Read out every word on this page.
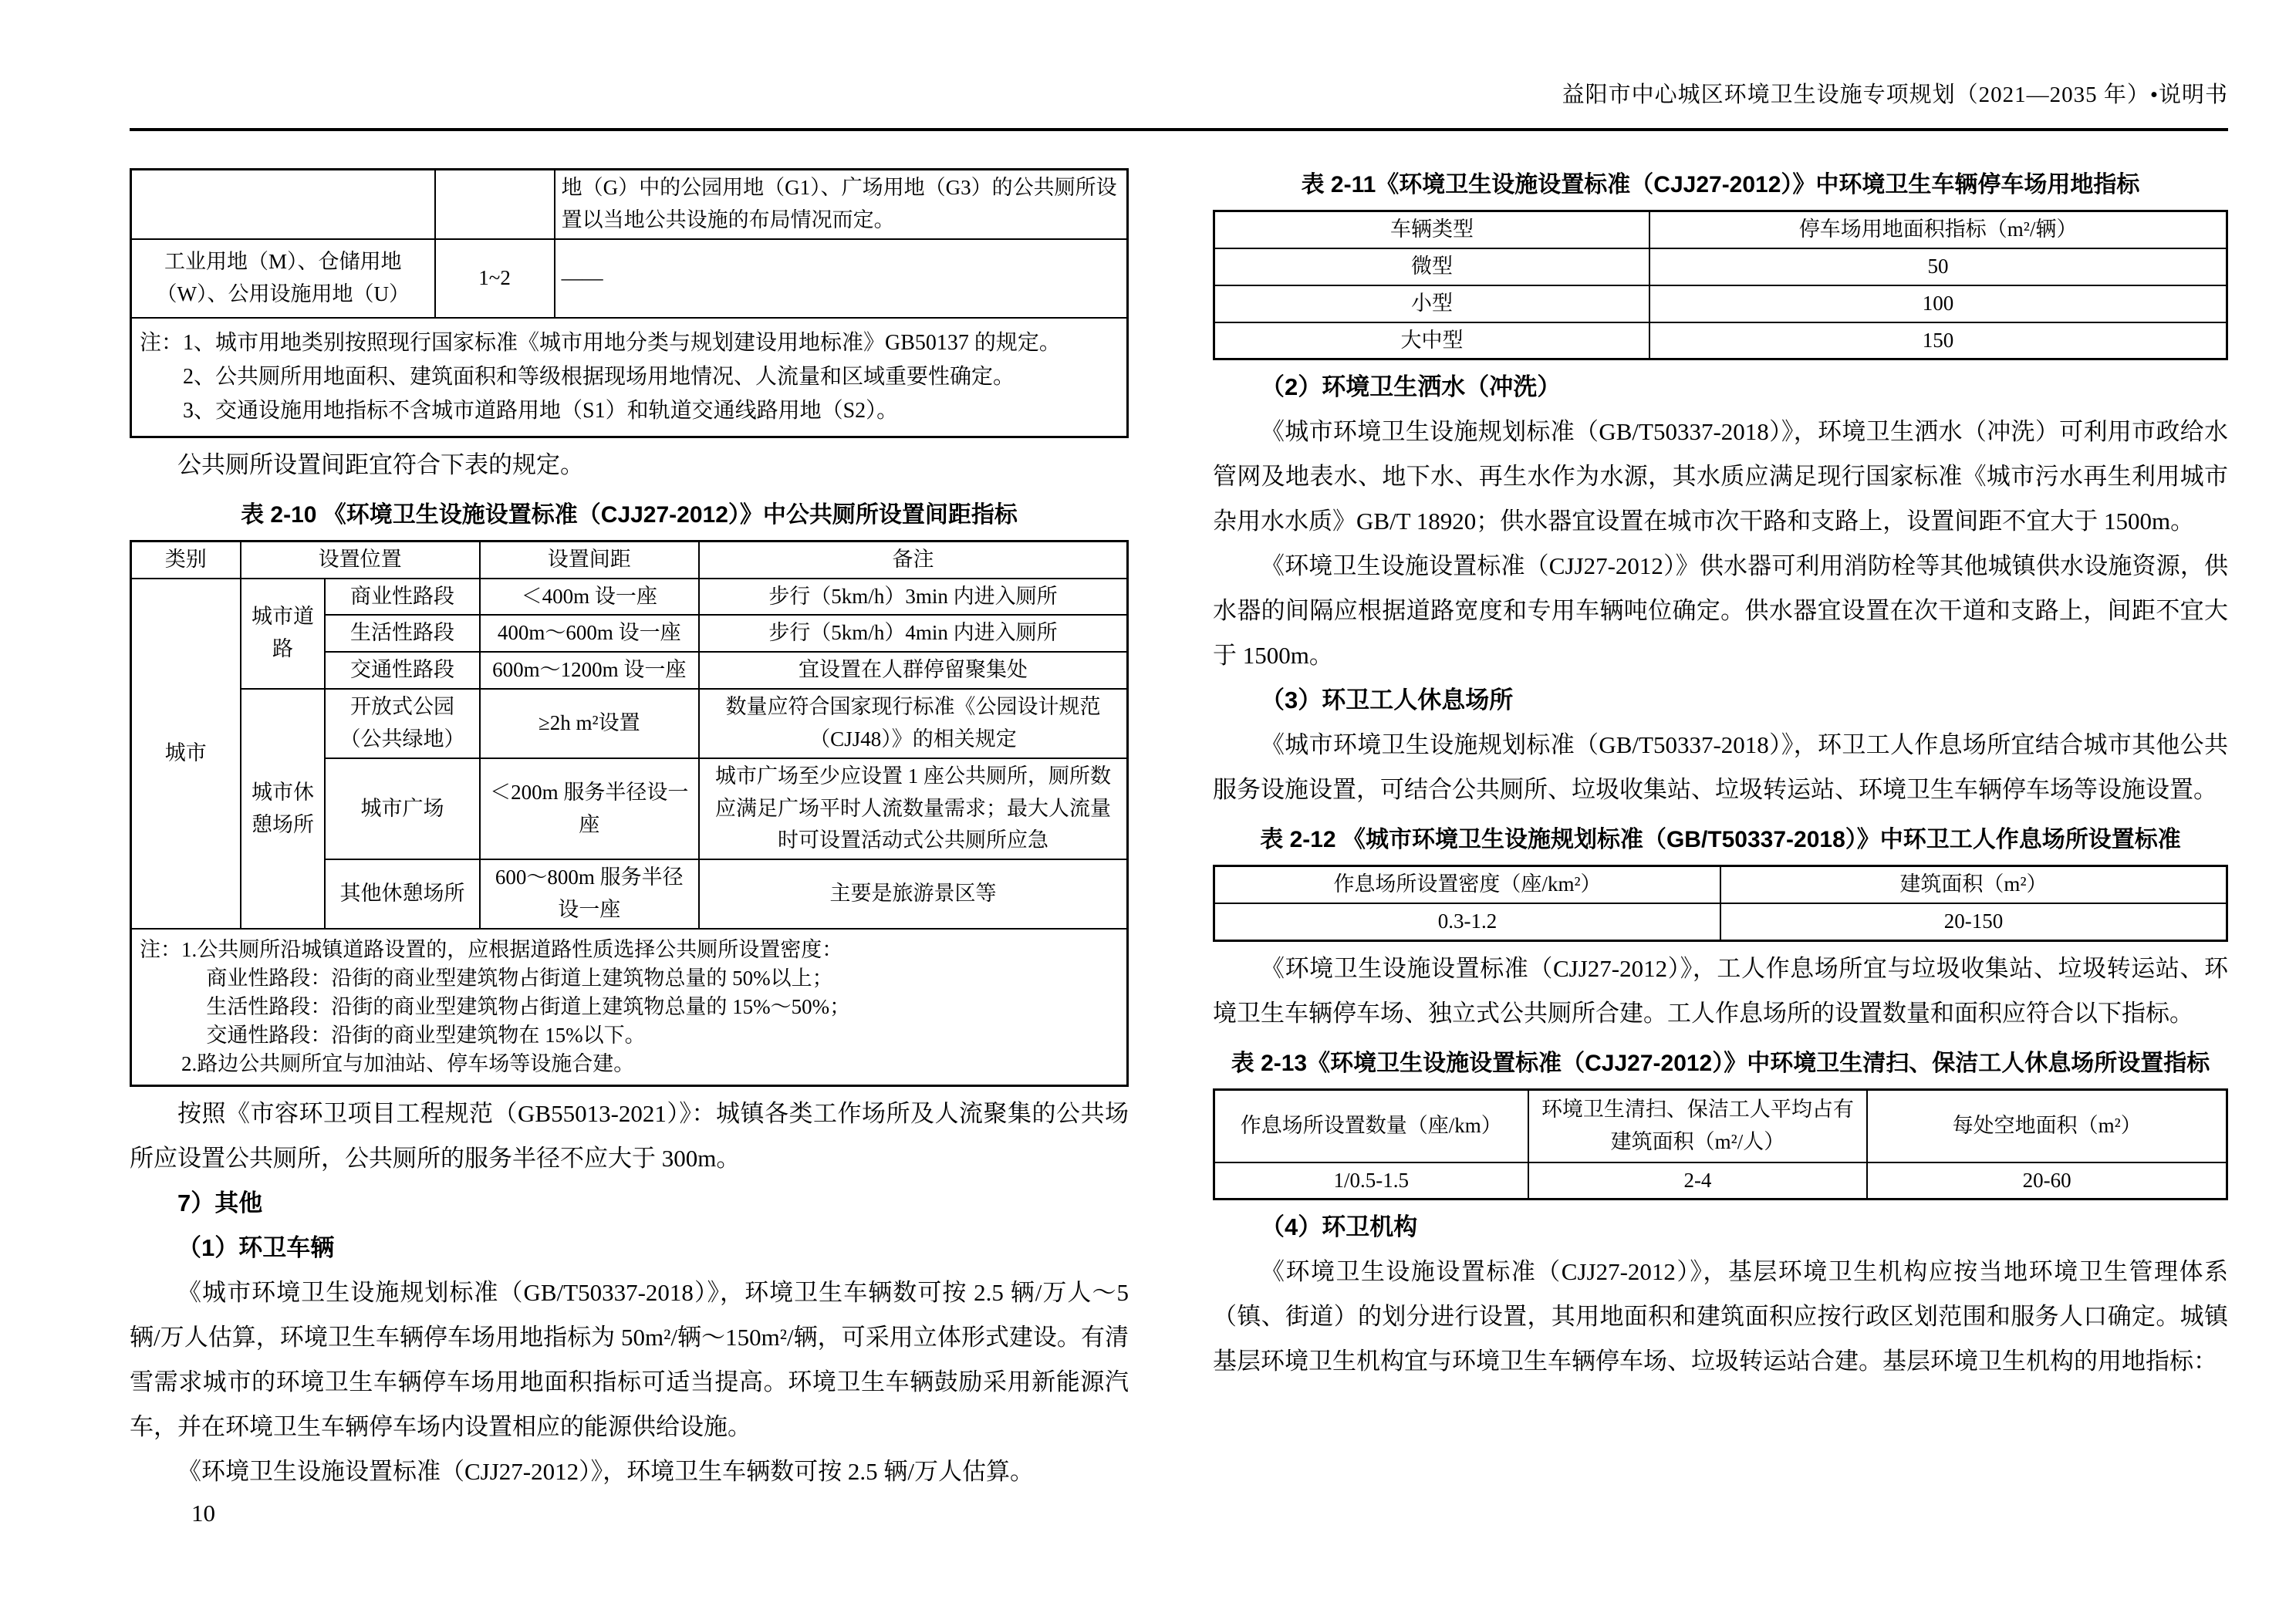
益阳市中心城区环境卫生设施专项规划（2021—2035 年）•说明书
		地（G）中的公园用地（G1）、广场用地（G3）的公共厕所设置以当地公共设施的布局情况而定。
工业用地（M）、仓储用地（W）、公用设施用地（U）	1~2	——

注：1、城市用地类别按照现行国家标准《城市用地分类与规划建设用地标准》GB50137 的规定。
2、公共厕所用地面积、建筑面积和等级根据现场用地情况、人流量和区域重要性确定。
3、交通设施用地指标不含城市道路用地（S1）和轨道交通线路用地（S2）。		

公共厕所设置间距宜符合下表的规定。

表 2-10 《环境卫生设施设置标准（CJJ27-2012）》中公共厕所设置间距指标
类别	设置位置		设置间距	备注
城市	城市道路	商业性路段	＜400m 设一座	步行（5km/h）3min 内进入厕所
		生活性路段	400m～600m 设一座	步行（5km/h）4min 内进入厕所
		交通性路段	600m～1200m 设一座	宜设置在人群停留聚集处
	城市休憩场所	开放式公园（公共绿地）	≥2h m²设置	数量应符合国家现行标准《公园设计规范（CJJ48）》的相关规定
		城市广场	＜200m 服务半径设一座	城市广场至少应设置 1 座公共厕所，厕所数应满足广场平时人流数量需求；最大人流量时可设置活动式公共厕所应急
		其他休憩场所	600～800m 服务半径设一座	主要是旅游景区等

注：1.公共厕所沿城镇道路设置的，应根据道路性质选择公共厕所设置密度：
商业性路段：沿街的商业型建筑物占街道上建筑物总量的 50%以上；
生活性路段：沿街的商业型建筑物占街道上建筑物总量的 15%～50%；
交通性路段：沿街的商业型建筑物在 15%以下。
2.路边公共厕所宜与加油站、停车场等设施合建。				

按照《市容环卫项目工程规范（GB55013-2021）》：城镇各类工作场所及人流聚集的公共场所应设置公共厕所，公共厕所的服务半径不应大于 300m。

7）其他
（1）环卫车辆

《城市环境卫生设施规划标准（GB/T50337-2018）》，环境卫生车辆数可按 2.5 辆/万人～5 辆/万人估算，环境卫生车辆停车场用地指标为 50m²/辆～150m²/辆，可采用立体形式建设。有清雪需求城市的环境卫生车辆停车场用地面积指标可适当提高。环境卫生车辆鼓励采用新能源汽车，并在环境卫生车辆停车场内设置相应的能源供给设施。

《环境卫生设施设置标准（CJJ27-2012）》，环境卫生车辆数可按 2.5 辆/万人估算。

表 2-11《环境卫生设施设置标准（CJJ27-2012）》中环境卫生车辆停车场用地指标
车辆类型	停车场用地面积指标（m²/辆）
微型	50
小型	100
大中型	150
（2）环境卫生洒水（冲洗）

《城市环境卫生设施规划标准（GB/T50337-2018）》，环境卫生洒水（冲洗）可利用市政给水管网及地表水、地下水、再生水作为水源，其水质应满足现行国家标准《城市污水再生利用城市杂用水水质》GB/T 18920；供水器宜设置在城市次干路和支路上，设置间距不宜大于 1500m。

《环境卫生设施设置标准（CJJ27-2012）》供水器可利用消防栓等其他城镇供水设施资源，供水器的间隔应根据道路宽度和专用车辆吨位确定。供水器宜设置在次干道和支路上，间距不宜大于 1500m。

（3）环卫工人休息场所

《城市环境卫生设施规划标准（GB/T50337-2018）》，环卫工人作息场所宜结合城市其他公共服务设施设置，可结合公共厕所、垃圾收集站、垃圾转运站、环境卫生车辆停车场等设施设置。

表 2-12 《城市环境卫生设施规划标准（GB/T50337-2018）》中环卫工人作息场所设置标准
作息场所设置密度（座/km²）	建筑面积（m²）
0.3-1.2	20-150

《环境卫生设施设置标准（CJJ27-2012）》，工人作息场所宜与垃圾收集站、垃圾转运站、环境卫生车辆停车场、独立式公共厕所合建。工人作息场所的设置数量和面积应符合以下指标。

表 2-13《环境卫生设施设置标准（CJJ27-2012）》中环境卫生清扫、保洁工人休息场所设置指标
作息场所设置数量（座/km）	环境卫生清扫、保洁工人平均占有建筑面积（m²/人）	每处空地面积（m²）
1/0.5-1.5	2-4	20-60
（4）环卫机构

《环境卫生设施设置标准（CJJ27-2012）》，基层环境卫生机构应按当地环境卫生管理体系（镇、街道）的划分进行设置，其用地面积和建筑面积应按行政区划范围和服务人口确定。城镇基层环境卫生机构宜与环境卫生车辆停车场、垃圾转运站合建。基层环境卫生机构的用地指标：

10
